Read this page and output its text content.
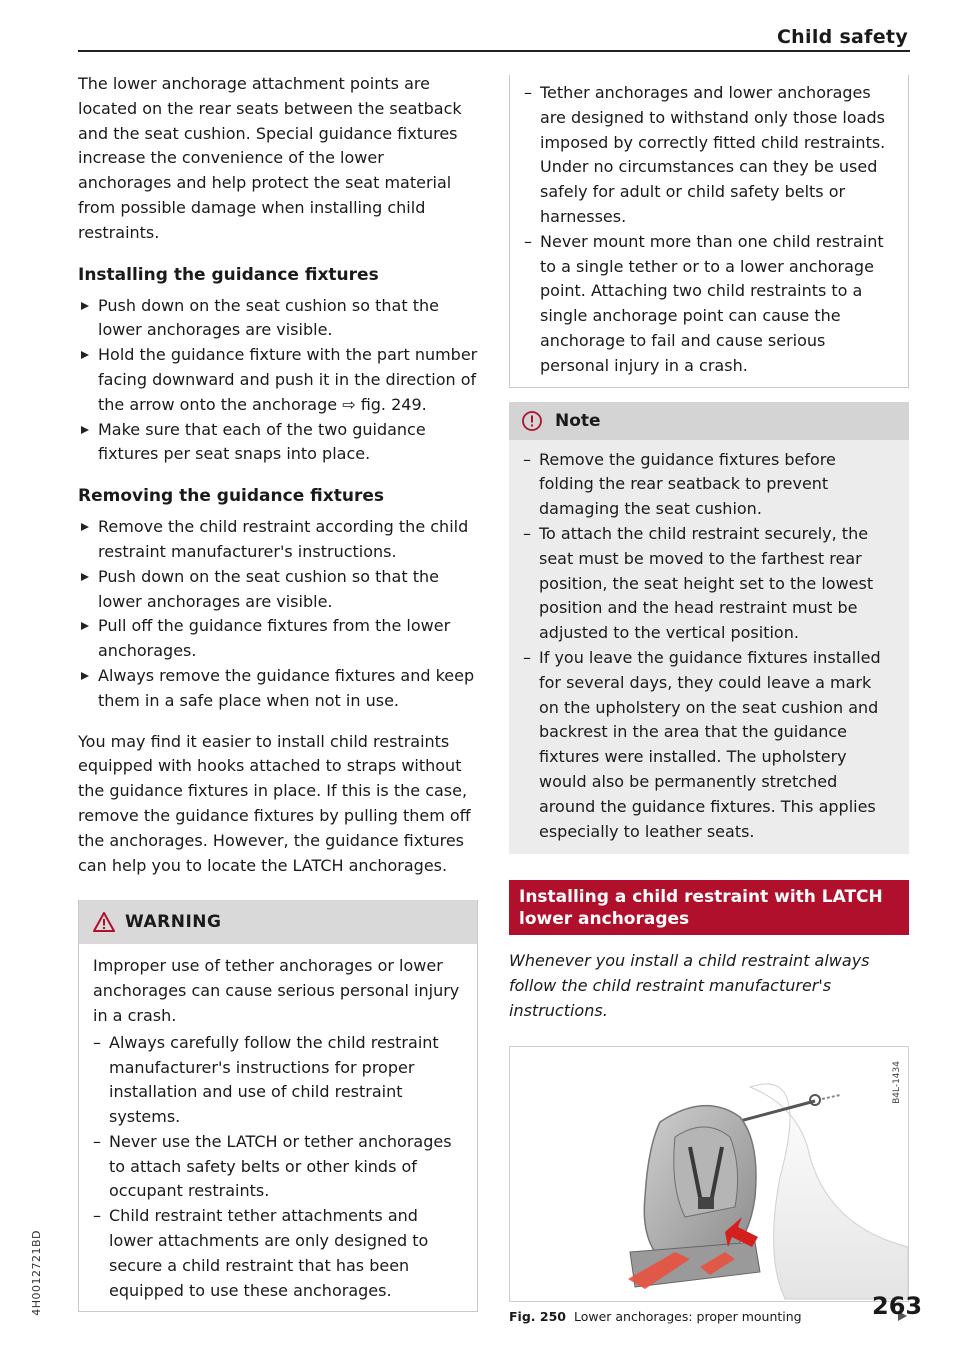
Child safety

The lower anchorage attachment points are located on the rear seats between the seatback and the seat cushion. Special guidance fixtures increase the convenience of the lower anchorages and help protect the seat material from possible damage when installing child restraints.

Installing the guidance fixtures
Push down on the seat cushion so that the lower anchorages are visible.
Hold the guidance fixture with the part number facing downward and push it in the direction of the arrow onto the anchorage ⇨ fig. 249.
Make sure that each of the two guidance fixtures per seat snaps into place.
Removing the guidance fixtures
Remove the child restraint according the child restraint manufacturer's instructions.
Push down on the seat cushion so that the lower anchorages are visible.
Pull off the guidance fixtures from the lower anchorages.
Always remove the guidance fixtures and keep them in a safe place when not in use.

You may find it easier to install child restraints equipped with hooks attached to straps without the guidance fixtures in place. If this is the case, remove the guidance fixtures by pulling them off the anchorages. However, the guidance fixtures can help you to locate the LATCH anchorages.

WARNING

Improper use of tether anchorages or lower anchorages can cause serious personal injury in a crash.

– Always carefully follow the child restraint manufacturer's instructions for proper installation and use of child restraint systems.
– Never use the LATCH or tether anchorages to attach safety belts or other kinds of occupant restraints.
– Child restraint tether attachments and lower attachments are only designed to secure a child restraint that has been equipped to use these anchorages.
– Tether anchorages and lower anchorages are designed to withstand only those loads imposed by correctly fitted child restraints. Under no circumstances can they be used safely for adult or child safety belts or harnesses.
– Never mount more than one child restraint to a single tether or to a lower anchorage point. Attaching two child restraints to a single anchorage point can cause the anchorage to fail and cause serious personal injury in a crash.
Note
– Remove the guidance fixtures before folding the rear seatback to prevent damaging the seat cushion.
– To attach the child restraint securely, the seat must be moved to the farthest rear position, the seat height set to the lowest position and the head restraint must be adjusted to the vertical position.
– If you leave the guidance fixtures installed for several days, they could leave a mark on the upholstery on the seat cushion and backrest in the area that the guidance fixtures were installed. The upholstery would also be permanently stretched around the guidance fixtures. This applies especially to leather seats.
Installing a child restraint with LATCH lower anchorages

Whenever you install a child restraint always follow the child restraint manufacturer's instructions.

B4L-1434
Fig. 250 Lower anchorages: proper mounting	263
4H0012721BD
